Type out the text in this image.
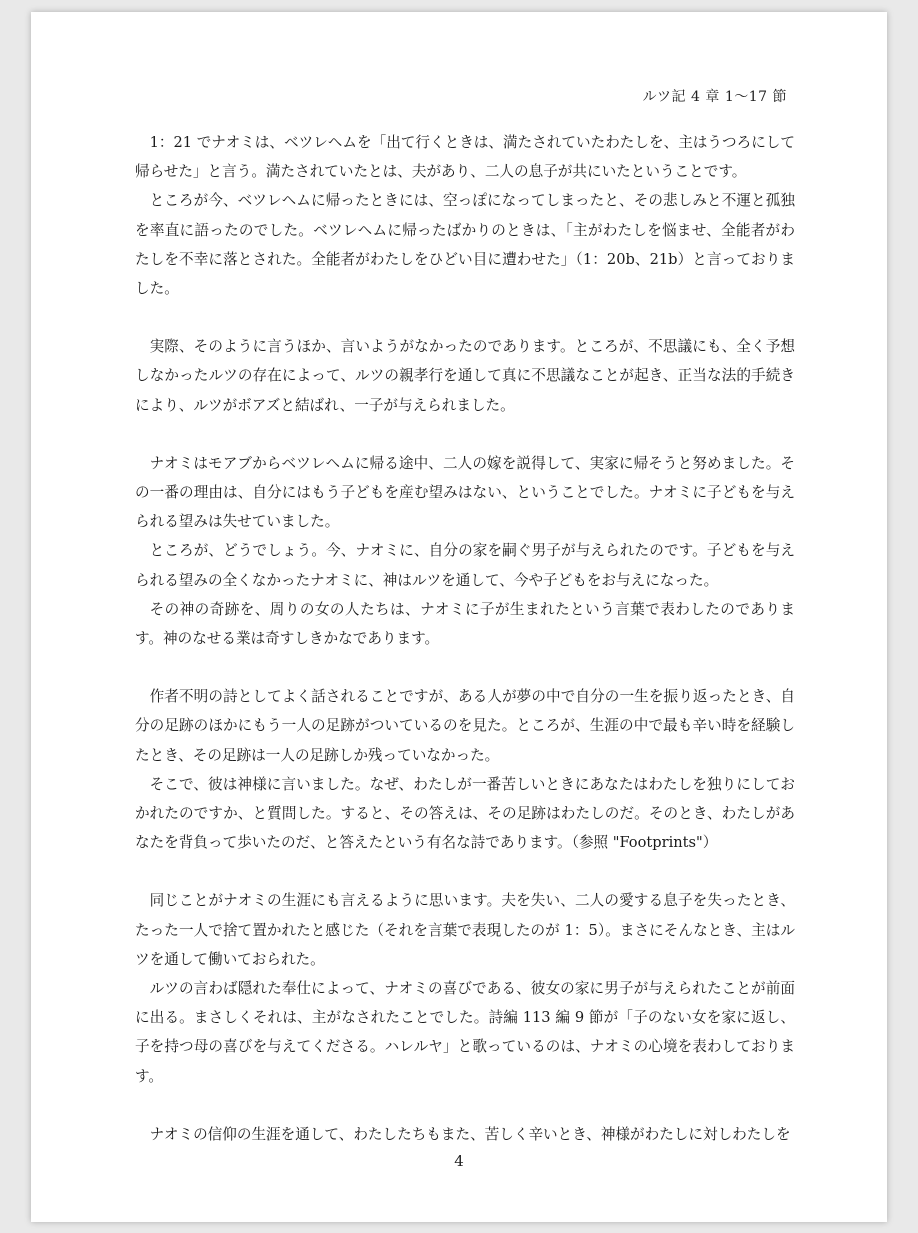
ルツ記 4 章 1〜17 節

1：21 でナオミは、ベツレヘムを「出て行くときは、満たされていたわたしを、主はうつろにして帰らせた」と言う。満たされていたとは、夫があり、二人の息子が共にいたということです。

ところが今、ベツレヘムに帰ったときには、空っぽになってしまったと、その悲しみと不運と孤独を率直に語ったのでした。ベツレヘムに帰ったばかりのときは、「主がわたしを悩ませ、全能者がわたしを不幸に落とされた。全能者がわたしをひどい目に遭わせた」（1：20b、21b）と言っておりました。

実際、そのように言うほか、言いようがなかったのであります。ところが、不思議にも、全く予想しなかったルツの存在によって、ルツの親孝行を通して真に不思議なことが起き、正当な法的手続きにより、ルツがボアズと結ばれ、一子が与えられました。

ナオミはモアブからベツレヘムに帰る途中、二人の嫁を説得して、実家に帰そうと努めました。その一番の理由は、自分にはもう子どもを産む望みはない、ということでした。ナオミに子どもを与えられる望みは失せていました。

ところが、どうでしょう。今、ナオミに、自分の家を嗣ぐ男子が与えられたのです。子どもを与えられる望みの全くなかったナオミに、神はルツを通して、今や子どもをお与えになった。

その神の奇跡を、周りの女の人たちは、ナオミに子が生まれたという言葉で表わしたのであります。神のなせる業は奇すしきかなであります。

作者不明の詩としてよく話されることですが、ある人が夢の中で自分の一生を振り返ったとき、自分の足跡のほかにもう一人の足跡がついているのを見た。ところが、生涯の中で最も辛い時を経験したとき、その足跡は一人の足跡しか残っていなかった。

そこで、彼は神様に言いました。なぜ、わたしが一番苦しいときにあなたはわたしを独りにしておかれたのですか、と質問した。すると、その答えは、その足跡はわたしのだ。そのとき、わたしがあなたを背負って歩いたのだ、と答えたという有名な詩であります。（参照 "Footprints"）

同じことがナオミの生涯にも言えるように思います。夫を失い、二人の愛する息子を失ったとき、たった一人で捨て置かれたと感じた（それを言葉で表現したのが 1：5）。まさにそんなとき、主はルツを通して働いておられた。

ルツの言わば隠れた奉仕によって、ナオミの喜びである、彼女の家に男子が与えられたことが前面に出る。まさしくそれは、主がなされたことでした。詩編 113 編 9 節が「子のない女を家に返し、子を持つ母の喜びを与えてくださる。ハレルヤ」と歌っているのは、ナオミの心境を表わしております。

ナオミの信仰の生涯を通して、わたしたちもまた、苦しく辛いとき、神様がわたしに対しわたしを

4
